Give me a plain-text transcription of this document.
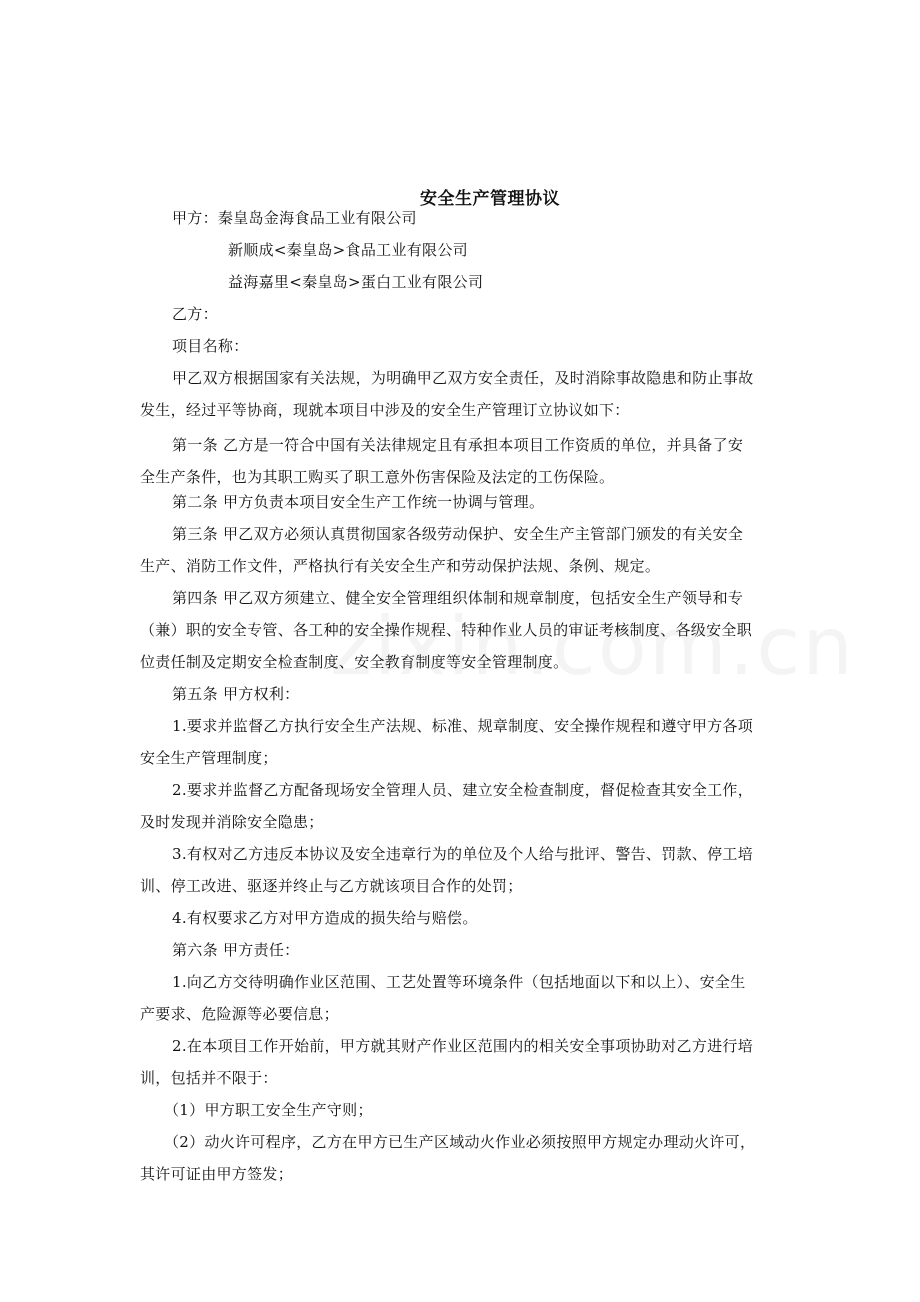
安全生产管理协议
甲方：秦皇岛金海食品工业有限公司
新顺成<秦皇岛>食品工业有限公司
益海嘉里<秦皇岛>蛋白工业有限公司
乙方：
项目名称：
甲乙双方根据国家有关法规，为明确甲乙双方安全责任，及时消除事故隐患和防止事故
发生，经过平等协商，现就本项目中涉及的安全生产管理订立协议如下：
第一条 乙方是一符合中国有关法律规定且有承担本项目工作资质的单位，并具备了安
全生产条件，也为其职工购买了职工意外伤害保险及法定的工伤保险。
第二条 甲方负责本项目安全生产工作统一协调与管理。
第三条 甲乙双方必须认真贯彻国家各级劳动保护、安全生产主管部门颁发的有关安全
生产、消防工作文件，严格执行有关安全生产和劳动保护法规、条例、规定。
第四条 甲乙双方须建立、健全安全管理组织体制和规章制度，包括安全生产领导和专
（兼）职的安全专管、各工种的安全操作规程、特种作业人员的审证考核制度、各级安全职
位责任制及定期安全检查制度、安全教育制度等安全管理制度。
第五条 甲方权利：
1.要求并监督乙方执行安全生产法规、标准、规章制度、安全操作规程和遵守甲方各项
安全生产管理制度；
2.要求并监督乙方配备现场安全管理人员、建立安全检查制度，督促检查其安全工作，
及时发现并消除安全隐患；
3.有权对乙方违反本协议及安全违章行为的单位及个人给与批评、警告、罚款、停工培
训、停工改进、驱逐并终止与乙方就该项目合作的处罚；
4.有权要求乙方对甲方造成的损失给与赔偿。
第六条 甲方责任：
1.向乙方交待明确作业区范围、工艺处置等环境条件（包括地面以下和以上）、安全生
产要求、危险源等必要信息；
2.在本项目工作开始前，甲方就其财产作业区范围内的相关安全事项协助对乙方进行培
训，包括并不限于：
（1）甲方职工安全生产守则；
（2）动火许可程序，乙方在甲方已生产区域动火作业必须按照甲方规定办理动火许可，
其许可证由甲方签发；
